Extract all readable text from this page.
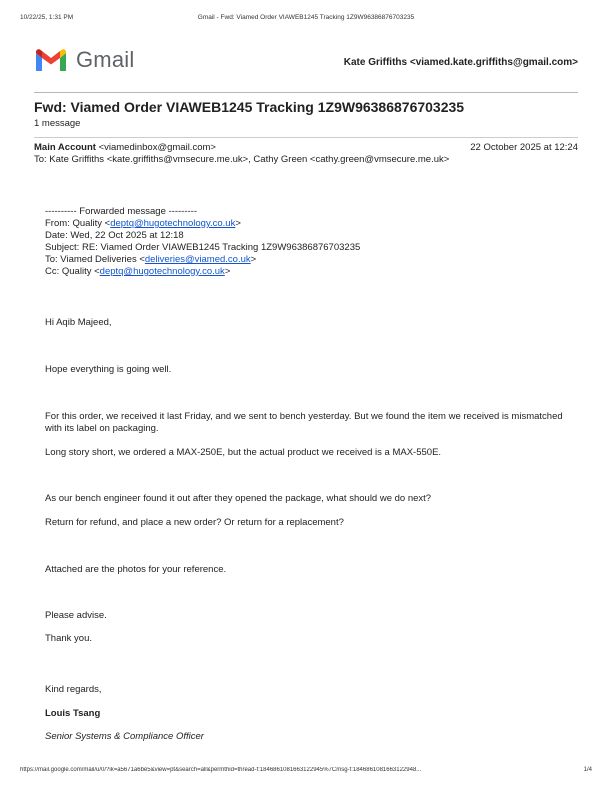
10/22/25, 1:31 PM	Gmail - Fwd: Viamed Order VIAWEB1245 Tracking 1Z9W96386876703235
Gmail	Kate Griffiths <viamed.kate.griffiths@gmail.com>
Fwd: Viamed Order VIAWEB1245 Tracking 1Z9W96386876703235
1 message
Main Account <viamedinbox@gmail.com>	22 October 2025 at 12:24
To: Kate Griffiths <kate.griffiths@vmsecure.me.uk>, Cathy Green <cathy.green@vmsecure.me.uk>
---------- Forwarded message ---------
From: Quality <deptq@hugotechnology.co.uk>
Date: Wed, 22 Oct 2025 at 12:18
Subject: RE: Viamed Order VIAWEB1245 Tracking 1Z9W96386876703235
To: Viamed Deliveries <deliveries@viamed.co.uk>
Cc: Quality <deptq@hugotechnology.co.uk>
Hi Aqib Majeed,
Hope everything is going well.
For this order, we received it last Friday, and we sent to bench yesterday. But we found the item we received is mismatched with its label on packaging.
Long story short, we ordered a MAX-250E, but the actual product we received is a MAX-550E.
As our bench engineer found it out after they opened the package, what should we do next?
Return for refund, and place a new order? Or return for a replacement?
Attached are the photos for your reference.
Please advise.
Thank you.
Kind regards,
Louis Tsang
Senior Systems & Compliance Officer
https://mail.google.com/mail/u/0/?ik=a5671a6be5&view=pt&search=all&permthid=thread-f:1846861081663122945%7Cmsg-f:1846861081663122948...	1/4
